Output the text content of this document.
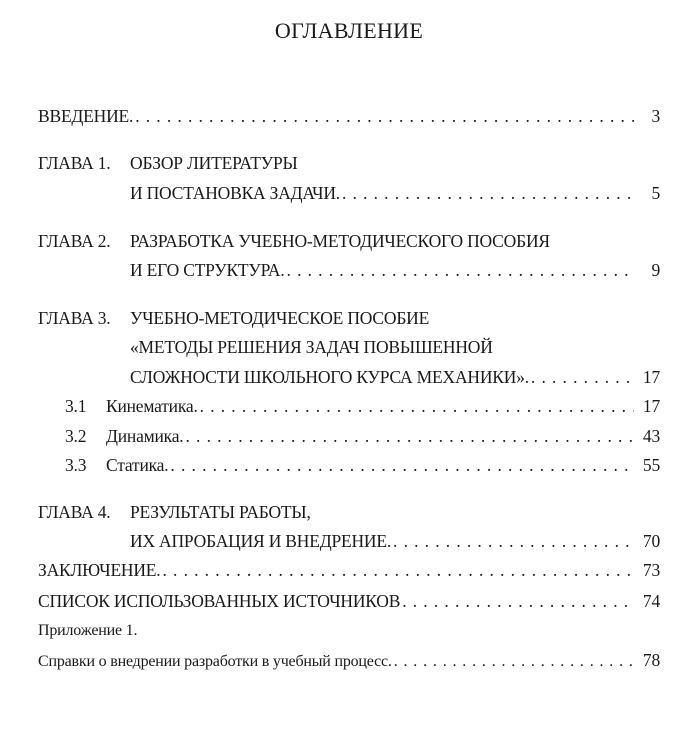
ОГЛАВЛЕНИЕ
ВВЕДЕНИЕ. . . .	3
ГЛАВА 1.	ОБЗОР ЛИТЕРАТУРЫ
И ПОСТАНОВКА ЗАДАЧИ. . . .	5
ГЛАВА 2.	РАЗРАБОТКА УЧЕБНО-МЕТОДИЧЕСКОГО ПОСОБИЯ
И ЕГО СТРУКТУРА. . . .	9
ГЛАВА 3.	УЧЕБНО-МЕТОДИЧЕСКОЕ ПОСОБИЕ
«МЕТОДЫ РЕШЕНИЯ ЗАДАЧ ПОВЫШЕННОЙ
СЛОЖНОСТИ ШКОЛЬНОГО КУРСА МЕХАНИКИ». . . .	17
3.1	Кинематика. . . .	17
3.2	Динамика. . . .	43
3.3	Статика. . . .	55
ГЛАВА 4.	РЕЗУЛЬТАТЫ РАБОТЫ,
ИХ АПРОБАЦИЯ И ВНЕДРЕНИЕ. . . .	70
ЗАКЛЮЧЕНИЕ. . . .	73
СПИСОК ИСПОЛЬЗОВАННЫХ ИСТОЧНИКОВ . . .	74
Приложение 1.
Справки о внедрении разработки в учебный процесс. . . .	78
